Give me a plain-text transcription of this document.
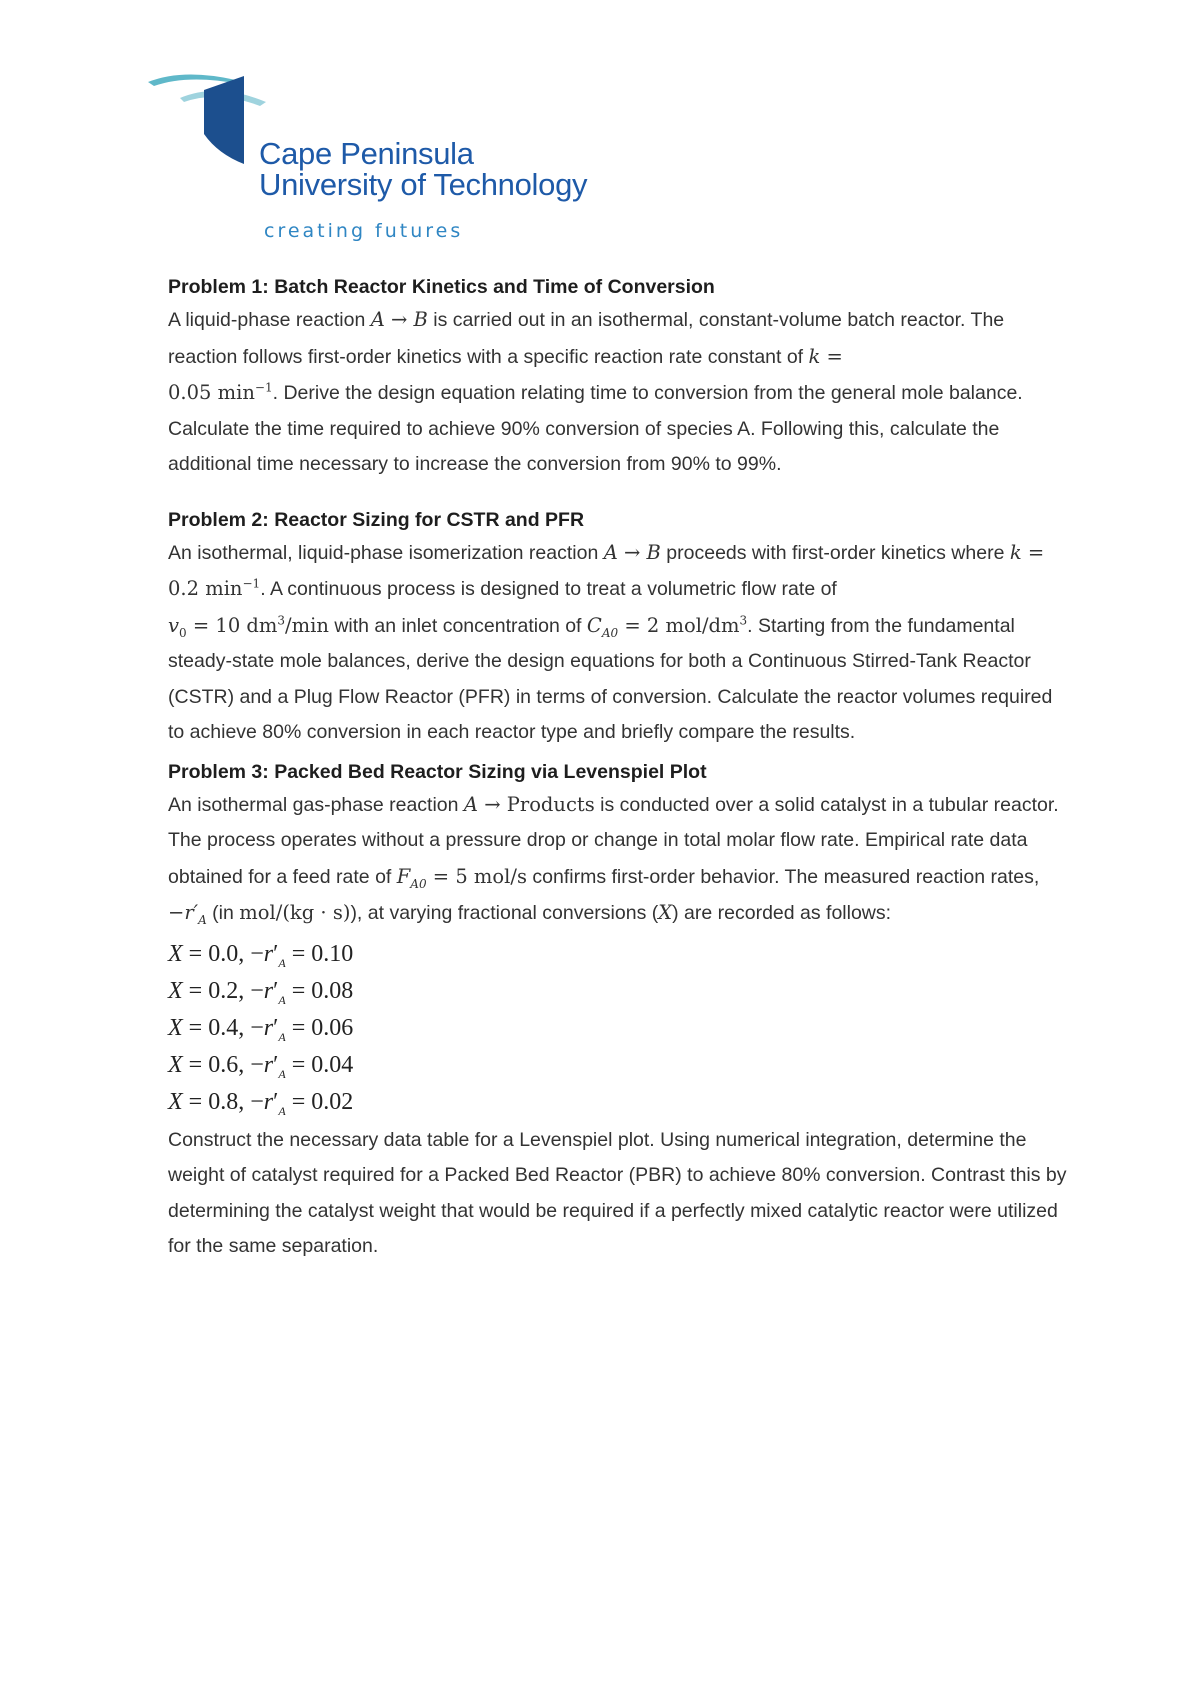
Cape Peninsula
University of Technology
creating futures
Problem 1: Batch Reactor Kinetics and Time of Conversion

A liquid-phase reaction A → B is carried out in an isothermal, constant-volume batch reactor. The reaction follows first-order kinetics with a specific reaction rate constant of k =
0.05 $\min^{-1}$. Derive the design equation relating time to conversion from the general mole balance. Calculate the time required to achieve 90% conversion of species A. Following this, calculate the additional time necessary to increase the conversion from 90% to 99%.

Problem 2: Reactor Sizing for CSTR and PFR

An isothermal, liquid-phase isomerization reaction A → B proceeds with first-order kinetics where k = 0.2 $\min^{-1}$. A continuous process is designed to treat a volumetric flow rate of
$v_0 = 10$ $dm^3/\min$ with an inlet concentration of $C_{A0} = 2$ mol/$dm^3$. Starting from the fundamental steady-state mole balances, derive the design equations for both a Continuous Stirred-Tank Reactor (CSTR) and a Plug Flow Reactor (PFR) in terms of conversion. Calculate the reactor volumes required to achieve 80% conversion in each reactor type and briefly compare the results.

Problem 3: Packed Bed Reactor Sizing via Levenspiel Plot

An isothermal gas-phase reaction A → Products is conducted over a solid catalyst in a tubular reactor. The process operates without a pressure drop or change in total molar flow rate. Empirical rate data obtained for a feed rate of $F_{A0} = 5$ mol/s confirms first-order behavior. The measured reaction rates, $-r'_A$ (in mol/(kg · s)), at varying fractional conversions (X) are recorded as follows:

X = 0.0, $-r'_A = 0.10$
X = 0.2, $-r'_A = 0.08$
X = 0.4, $-r'_A = 0.06$
X = 0.6, $-r'_A = 0.04$
X = 0.8, $-r'_A = 0.02$

Construct the necessary data table for a Levenspiel plot. Using numerical integration, determine the weight of catalyst required for a Packed Bed Reactor (PBR) to achieve 80% conversion. Contrast this by determining the catalyst weight that would be required if a perfectly mixed catalytic reactor were utilized for the same separation.
